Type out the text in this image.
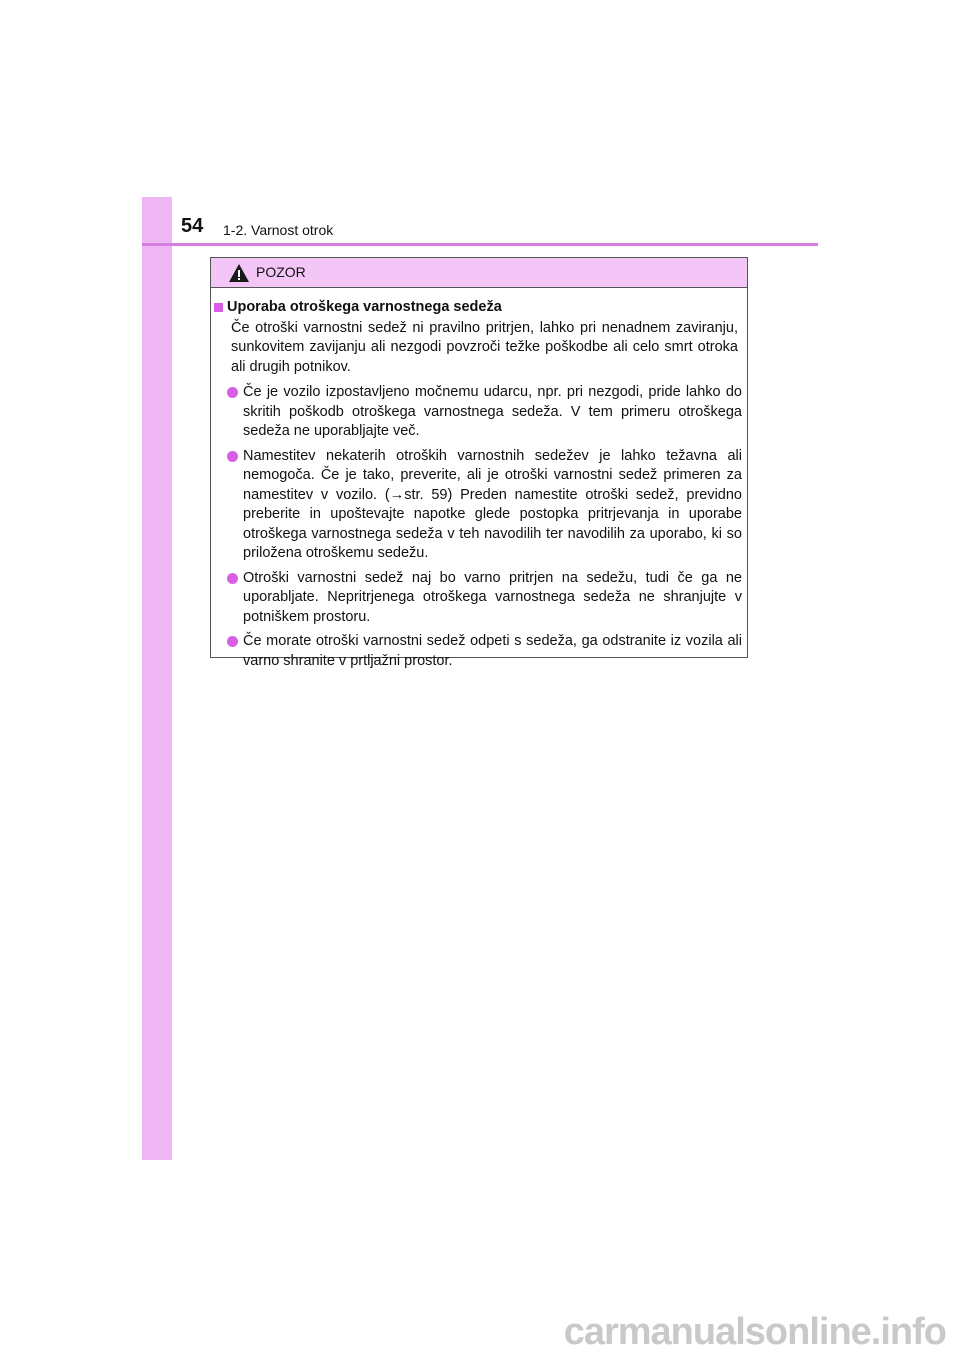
54 1-2. Varnost otrok
POZOR
Uporaba otroškega varnostnega sedeža
Če otroški varnostni sedež ni pravilno pritrjen, lahko pri nenadnem zaviranju, sunkovitem zavijanju ali nezgodi povzroči težke poškodbe ali celo smrt otroka ali drugih potnikov.
Če je vozilo izpostavljeno močnemu udarcu, npr. pri nezgodi, pride lahko do skritih poškodb otroškega varnostnega sedeža. V tem primeru otroškega sedeža ne uporabljajte več.
Namestitev nekaterih otroških varnostnih sedežev je lahko težavna ali nemogoča. Če je tako, preverite, ali je otroški varnostni sedež primeren za namestitev v vozilo. (→str. 59) Preden namestite otroški sedež, previdno preberite in upoštevajte napotke glede postopka pritrjevanja in uporabe otroškega varnostnega sedeža v teh navodilih ter navodilih za uporabo, ki so priložena otroškemu sedežu.
Otroški varnostni sedež naj bo varno pritrjen na sedežu, tudi če ga ne uporabljate. Nepritrjenega otroškega varnostnega sedeža ne shranjujte v potniškem prostoru.
Če morate otroški varnostni sedež odpeti s sedeža, ga odstranite iz vozila ali varno shranite v prtljažni prostor.
carmanualsonline.info
